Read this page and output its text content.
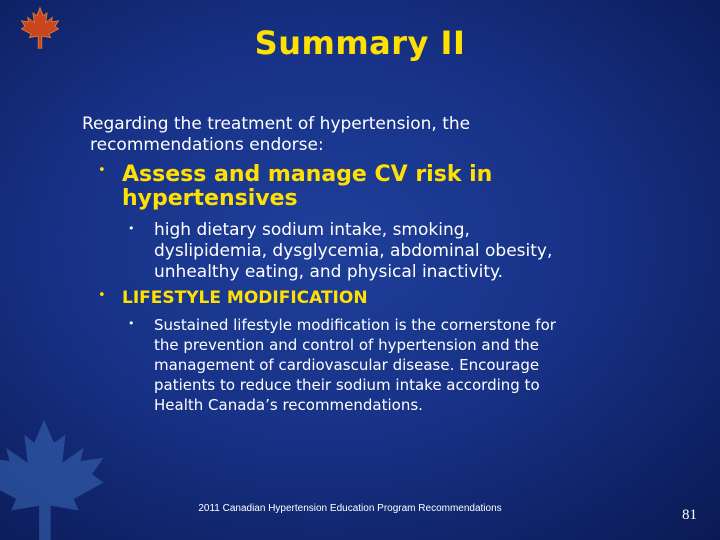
Summary II
Regarding the treatment of hypertension, the
recommendations endorse:
• Assess and manage CV risk in
hypertensives
• high dietary sodium intake, smoking,
dyslipidemia, dysglycemia, abdominal obesity,
unhealthy eating, and physical inactivity.
• LIFESTYLE MODIFICATION
• Sustained lifestyle modification is the cornerstone for
the prevention and control of hypertension and the
management of cardiovascular disease. Encourage
patients to reduce their sodium intake according to
Health Canada’s recommendations.
2011 Canadian Hypertension Education Program Recommendations	81
